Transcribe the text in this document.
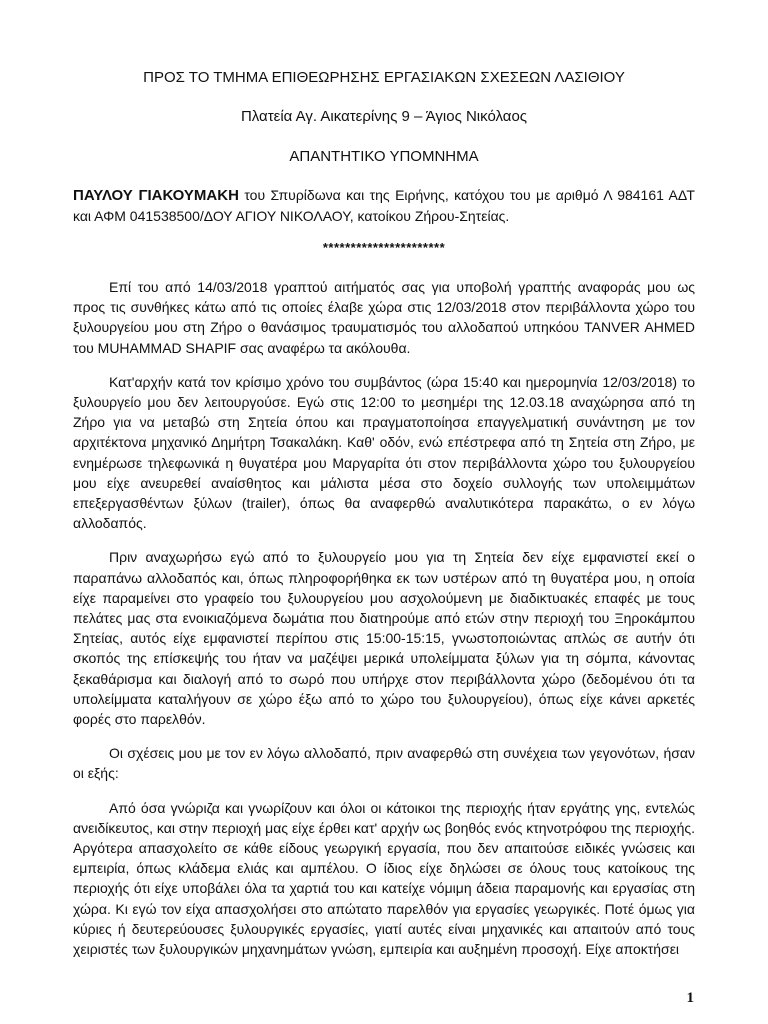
ΠΡΟΣ ΤΟ ΤΜΗΜΑ ΕΠΙΘΕΩΡΗΣΗΣ ΕΡΓΑΣΙΑΚΩΝ ΣΧΕΣΕΩΝ ΛΑΣΙΘΙΟΥ

Πλατεία Αγ. Αικατερίνης 9 – Άγιος Νικόλαος

ΑΠΑΝΤΗΤΙΚΟ ΥΠΟΜΝΗΜΑ

ΠΑΥΛΟΥ ΓΙΑΚΟΥΜΑΚΗ του Σπυρίδωνα και της Ειρήνης, κατόχου του με αριθμό Λ 984161 ΑΔΤ και ΑΦΜ 041538500/ΔΟΥ ΑΓΙΟΥ ΝΙΚΟΛΑΟΥ, κατοίκου Ζήρου-Σητείας.

**********************

Επί του από 14/03/2018 γραπτού αιτήματός σας για υποβολή γραπτής αναφοράς μου ως προς τις συνθήκες κάτω από τις οποίες έλαβε χώρα στις 12/03/2018 στον περιβάλλοντα χώρο του ξυλουργείου μου στη Ζήρο ο θανάσιμος τραυματισμός του αλλοδαπού υπηκόου TANVER AHMED του MUHAMMAD SHAPIF σας αναφέρω τα ακόλουθα.

Κατ'αρχήν κατά τον κρίσιμο χρόνο του συμβάντος (ώρα 15:40 και ημερομηνία 12/03/2018) το ξυλουργείο μου δεν λειτουργούσε. Εγώ στις 12:00 το μεσημέρι της 12.03.18 αναχώρησα από τη Ζήρο για να μεταβώ στη Σητεία όπου και πραγματοποίησα επαγγελματική συνάντηση με τον αρχιτέκτονα μηχανικό Δημήτρη Τσακαλάκη. Καθ' οδόν, ενώ επέστρεφα από τη Σητεία στη Ζήρο, με ενημέρωσε τηλεφωνικά η θυγατέρα μου Μαργαρίτα ότι στον περιβάλλοντα χώρο του ξυλουργείου μου είχε ανευρεθεί αναίσθητος και μάλιστα μέσα στο δοχείο συλλογής των υπολειμμάτων επεξεργασθέντων ξύλων (trailer), όπως θα αναφερθώ αναλυτικότερα παρακάτω, ο εν λόγω αλλοδαπός.

Πριν αναχωρήσω εγώ από το ξυλουργείο μου για τη Σητεία δεν είχε εμφανιστεί εκεί ο παραπάνω αλλοδαπός και, όπως πληροφορήθηκα εκ των υστέρων από τη θυγατέρα μου, η οποία είχε παραμείνει στο γραφείο του ξυλουργείου μου ασχολούμενη με διαδικτυακές επαφές με τους πελάτες μας στα ενοικιαζόμενα δωμάτια που διατηρούμε από ετών στην περιοχή του Ξηροκάμπου Σητείας, αυτός είχε εμφανιστεί περίπου στις 15:00-15:15, γνωστοποιώντας απλώς σε αυτήν ότι σκοπός της επίσκεψής του ήταν να μαζέψει μερικά υπολείμματα ξύλων για τη σόμπα, κάνοντας ξεκαθάρισμα και διαλογή από το σωρό που υπήρχε στον περιβάλλοντα χώρο (δεδομένου ότι τα υπολείμματα καταλήγουν σε χώρο έξω από το χώρο του ξυλουργείου), όπως είχε κάνει αρκετές φορές στο παρελθόν.

Οι σχέσεις μου με τον εν λόγω αλλοδαπό, πριν αναφερθώ στη συνέχεια των γεγονότων, ήσαν οι εξής:

Από όσα γνώριζα και γνωρίζουν και όλοι οι κάτοικοι της περιοχής ήταν εργάτης γης, εντελώς ανειδίκευτος, και στην περιοχή μας είχε έρθει κατ' αρχήν ως βοηθός ενός κτηνοτρόφου της περιοχής. Αργότερα απασχολείτο σε κάθε είδους γεωργική εργασία, που δεν απαιτούσε ειδικές γνώσεις και εμπειρία, όπως κλάδεμα ελιάς και αμπέλου. Ο ίδιος είχε δηλώσει σε όλους τους κατοίκους της περιοχής ότι είχε υποβάλει όλα τα χαρτιά του και κατείχε νόμιμη άδεια παραμονής και εργασίας στη χώρα. Κι εγώ τον είχα απασχολήσει στο απώτατο παρελθόν για εργασίες γεωργικές. Ποτέ όμως για κύριες ή δευτερεύουσες ξυλουργικές εργασίες, γιατί αυτές είναι μηχανικές και απαιτούν από τους χειριστές των ξυλουργικών μηχανημάτων γνώση, εμπειρία και αυξημένη προσοχή. Είχε αποκτήσει

1
